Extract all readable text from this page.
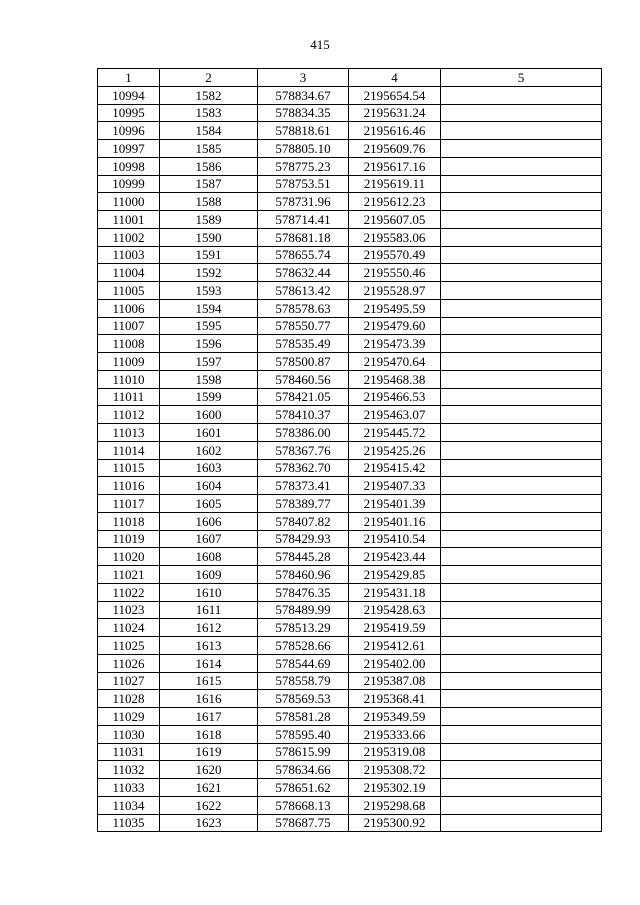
415
1	2	3	4	5
10994	1582	578834.67	2195654.54	
10995	1583	578834.35	2195631.24	
10996	1584	578818.61	2195616.46	
10997	1585	578805.10	2195609.76	
10998	1586	578775.23	2195617.16	
10999	1587	578753.51	2195619.11	
11000	1588	578731.96	2195612.23	
11001	1589	578714.41	2195607.05	
11002	1590	578681.18	2195583.06	
11003	1591	578655.74	2195570.49	
11004	1592	578632.44	2195550.46	
11005	1593	578613.42	2195528.97	
11006	1594	578578.63	2195495.59	
11007	1595	578550.77	2195479.60	
11008	1596	578535.49	2195473.39	
11009	1597	578500.87	2195470.64	
11010	1598	578460.56	2195468.38	
11011	1599	578421.05	2195466.53	
11012	1600	578410.37	2195463.07	
11013	1601	578386.00	2195445.72	
11014	1602	578367.76	2195425.26	
11015	1603	578362.70	2195415.42	
11016	1604	578373.41	2195407.33	
11017	1605	578389.77	2195401.39	
11018	1606	578407.82	2195401.16	
11019	1607	578429.93	2195410.54	
11020	1608	578445.28	2195423.44	
11021	1609	578460.96	2195429.85	
11022	1610	578476.35	2195431.18	
11023	1611	578489.99	2195428.63	
11024	1612	578513.29	2195419.59	
11025	1613	578528.66	2195412.61	
11026	1614	578544.69	2195402.00	
11027	1615	578558.79	2195387.08	
11028	1616	578569.53	2195368.41	
11029	1617	578581.28	2195349.59	
11030	1618	578595.40	2195333.66	
11031	1619	578615.99	2195319.08	
11032	1620	578634.66	2195308.72	
11033	1621	578651.62	2195302.19	
11034	1622	578668.13	2195298.68	
11035	1623	578687.75	2195300.92	
